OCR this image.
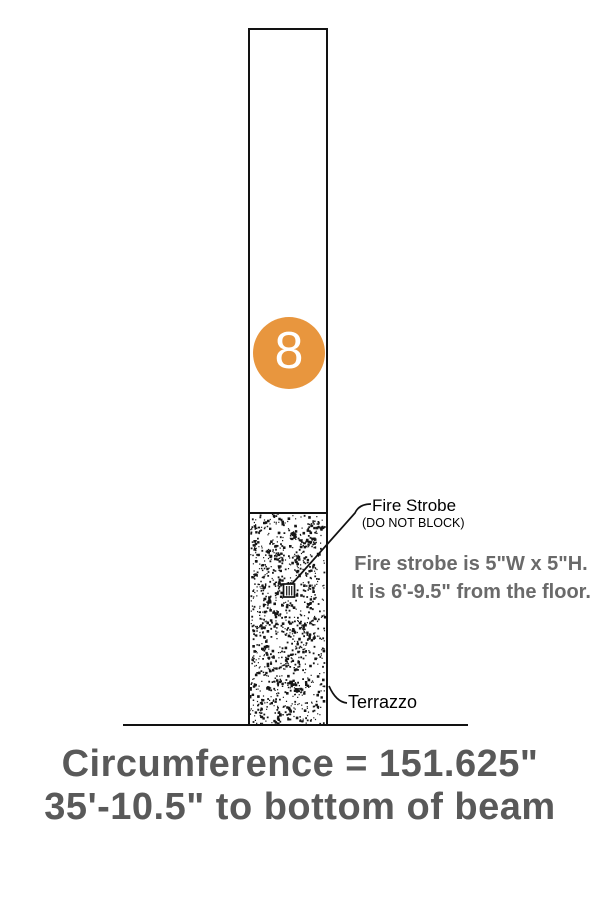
8
Fire Strobe
(DO NOT BLOCK)
Fire strobe is 5"W x 5"H.
It is 6'-9.5" from the floor.
Terrazzo
Circumference = 151.625"
35'-10.5" to bottom of beam
